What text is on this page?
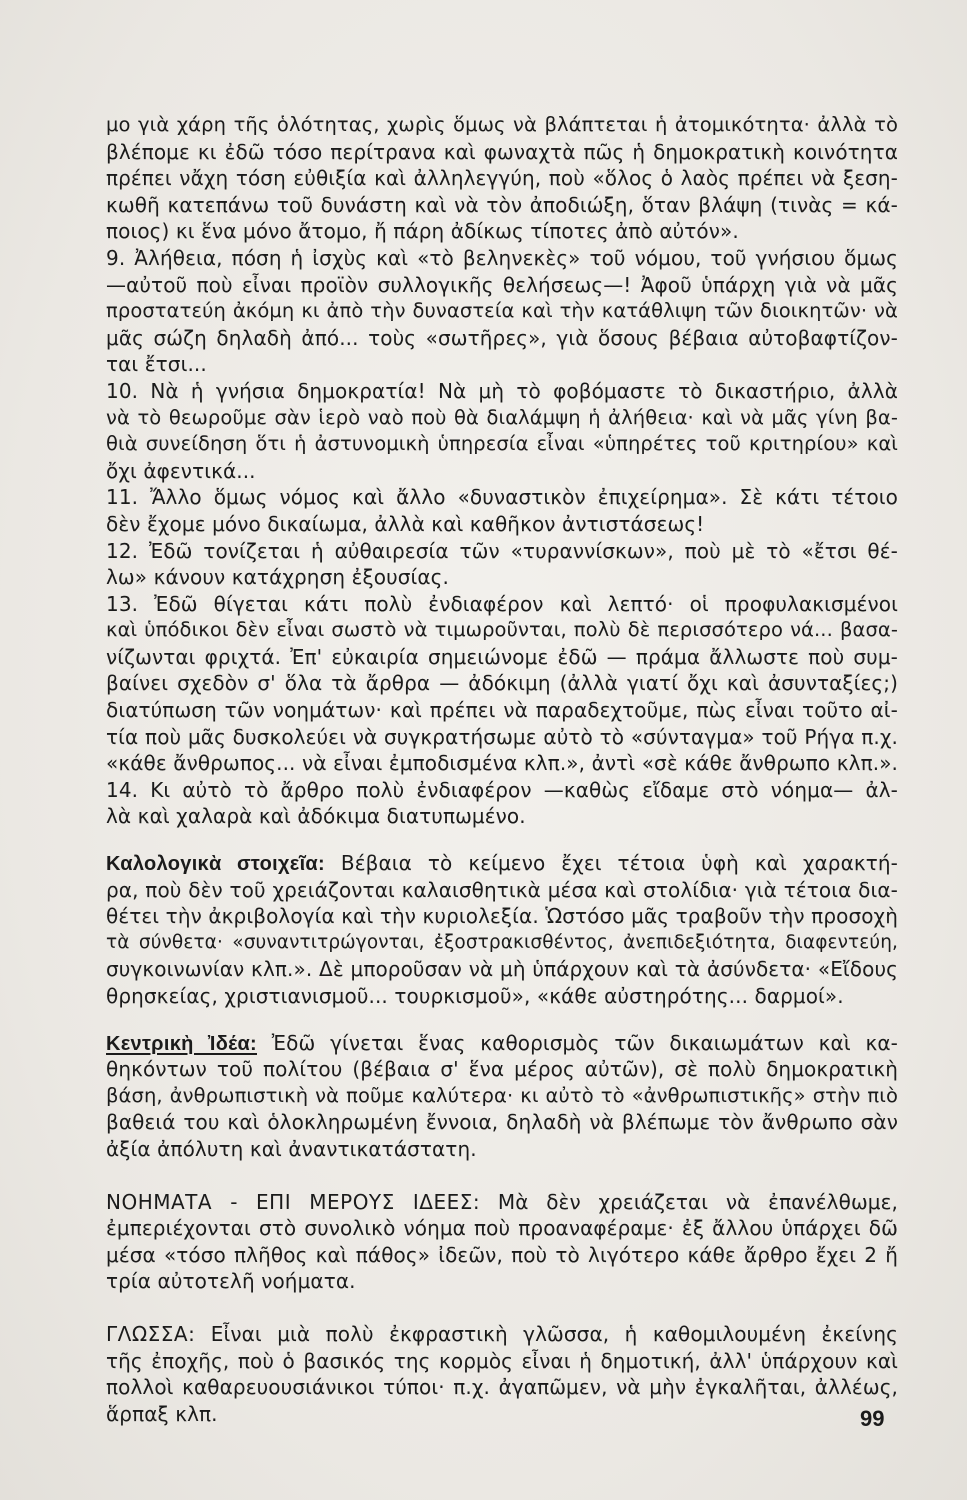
μο γιὰ χάρη τῆς ὁλότητας, χωρὶς ὅμως νὰ βλάπτεται ἡ ἀτομικότητα· ἀλλὰ τὸ
βλέπομε κι ἐδῶ τόσο περίτρανα καὶ φωναχτὰ πῶς ἡ δημοκρατικὴ κοινότητα
πρέπει νἄχη τόση εὐθιξία καὶ ἀλληλεγγύη, ποὺ «ὅλος ὁ λαὸς πρέπει νὰ ξεση-
κωθῆ κατεπάνω τοῦ δυνάστη καὶ νὰ τὸν ἀποδιώξη, ὅταν βλάψη (τινὰς = κά-
ποιος) κι ἕνα μόνο ἄτομο, ἤ πάρη ἀδίκως τίποτες ἀπὸ αὐτόν».
9. Ἀλήθεια, πόση ἡ ἰσχὺς καὶ «τὸ βεληνεκὲς» τοῦ νόμου, τοῦ γνήσιου ὅμως
—αὐτοῦ ποὺ εἶναι προϊὸν συλλογικῆς θελήσεως—! Ἀφοῦ ὑπάρχη γιὰ νὰ μᾶς
προστατεύη ἀκόμη κι ἀπὸ τὴν δυναστεία καὶ τὴν κατάθλιψη τῶν διοικητῶν· νὰ
μᾶς σώζη δηλαδὴ ἀπό... τοὺς «σωτῆρες», γιὰ ὅσους βέβαια αὐτοβαφτίζον-
ται ἔτσι...
10. Νὰ ἡ γνήσια δημοκρατία! Νὰ μὴ τὸ φοβόμαστε τὸ δικαστήριο, ἀλλὰ
νὰ τὸ θεωροῦμε σὰν ἱερὸ ναὸ ποὺ θὰ διαλάμψη ἡ ἀλήθεια· καὶ νὰ μᾶς γίνη βα-
θιὰ συνείδηση ὅτι ἡ ἀστυνομικὴ ὑπηρεσία εἶναι «ὑπηρέτες τοῦ κριτηρίου» καὶ
ὄχι ἀφεντικά...
11. Ἄλλο ὅμως νόμος καὶ ἄλλο «δυναστικὸν ἐπιχείρημα». Σὲ κάτι τέτοιο
δὲν ἔχομε μόνο δικαίωμα, ἀλλὰ καὶ καθῆκον ἀντιστάσεως!
12. Ἐδῶ τονίζεται ἡ αὐθαιρεσία τῶν «τυραννίσκων», ποὺ μὲ τὸ «ἔτσι θέ-
λω» κάνουν κατάχρηση ἐξουσίας.
13. Ἐδῶ θίγεται κάτι πολὺ ἐνδιαφέρον καὶ λεπτό· οἱ προφυλακισμένοι
καὶ ὑπόδικοι δὲν εἶναι σωστὸ νὰ τιμωροῦνται, πολὺ δὲ περισσότερο νά... βασα-
νίζωνται φριχτά. Ἐπ' εὐκαιρία σημειώνομε ἐδῶ — πράμα ἄλλωστε ποὺ συμ-
βαίνει σχεδὸν σ' ὅλα τὰ ἄρθρα — ἀδόκιμη (ἀλλὰ γιατί ὄχι καὶ ἀσυνταξίες;)
διατύπωση τῶν νοημάτων· καὶ πρέπει νὰ παραδεχτοῦμε, πὼς εἶναι τοῦτο αἰ-
τία ποὺ μᾶς δυσκολεύει νὰ συγκρατήσωμε αὐτὸ τὸ «σύνταγμα» τοῦ Ρήγα π.χ.
«κάθε ἄνθρωπος... νὰ εἶναι ἐμποδισμένα κλπ.», ἀντὶ «σὲ κάθε ἄνθρωπο κλπ.».
14. Κι αὐτὸ τὸ ἄρθρο πολὺ ἐνδιαφέρον —καθὼς εἴδαμε στὸ νόημα— ἀλ-
λὰ καὶ χαλαρὰ καὶ ἀδόκιμα διατυπωμένο.
Καλολογικὰ στοιχεῖα: Βέβαια τὸ κείμενο ἔχει τέτοια ὑφὴ καὶ χαρακτή-
ρα, ποὺ δὲν τοῦ χρειάζονται καλαισθητικὰ μέσα καὶ στολίδια· γιὰ τέτοια δια-
θέτει τὴν ἀκριβολογία καὶ τὴν κυριολεξία. Ὡστόσο μᾶς τραβοῦν τὴν προσοχὴ
τὰ σύνθετα· «συναντιτρώγονται, ἐξοστρακισθέντος, ἀνεπιδεξιότητα, διαφεντεύη,
συγκοινωνίαν κλπ.». Δὲ μποροῦσαν νὰ μὴ ὑπάρχουν καὶ τὰ ἀσύνδετα· «Εἴδους
θρησκείας, χριστιανισμοῦ... τουρκισμοῦ», «κάθε αὐστηρότης... δαρμοί».
Κεντρικὴ Ἰδέα: Ἐδῶ γίνεται ἕνας καθορισμὸς τῶν δικαιωμάτων καὶ κα-
θηκόντων τοῦ πολίτου (βέβαια σ' ἕνα μέρος αὐτῶν), σὲ πολὺ δημοκρατικὴ
βάση, ἀνθρωπιστικὴ νὰ ποῦμε καλύτερα· κι αὐτὸ τὸ «ἀνθρωπιστικῆς» στὴν πιὸ
βαθειά του καὶ ὁλοκληρωμένη ἔννοια, δηλαδὴ νὰ βλέπωμε τὸν ἄνθρωπο σὰν
ἀξία ἀπόλυτη καὶ ἀναντικατάστατη.
ΝΟΗΜΑΤΑ - ΕΠΙ ΜΕΡΟΥΣ ΙΔΕΕΣ: Μὰ δὲν χρειάζεται νὰ ἐπανέλθωμε,
ἐμπεριέχονται στὸ συνολικὸ νόημα ποὺ προαναφέραμε· ἐξ ἄλλου ὑπάρχει δῶ
μέσα «τόσο πλῆθος καὶ πάθος» ἰδεῶν, ποὺ τὸ λιγότερο κάθε ἄρθρο ἔχει 2 ἤ
τρία αὐτοτελῆ νοήματα.
ΓΛΩΣΣΑ: Εἶναι μιὰ πολὺ ἐκφραστικὴ γλῶσσα, ἡ καθομιλουμένη ἐκείνης
τῆς ἐποχῆς, ποὺ ὁ βασικός της κορμὸς εἶναι ἡ δημοτική, ἀλλ' ὑπάρχουν καὶ
πολλοὶ καθαρευουσιάνικοι τύποι· π.χ. ἀγαπῶμεν, νὰ μὴν ἐγκαλῆται, ἀλλέως,
ἅρπαξ κλπ.	99
